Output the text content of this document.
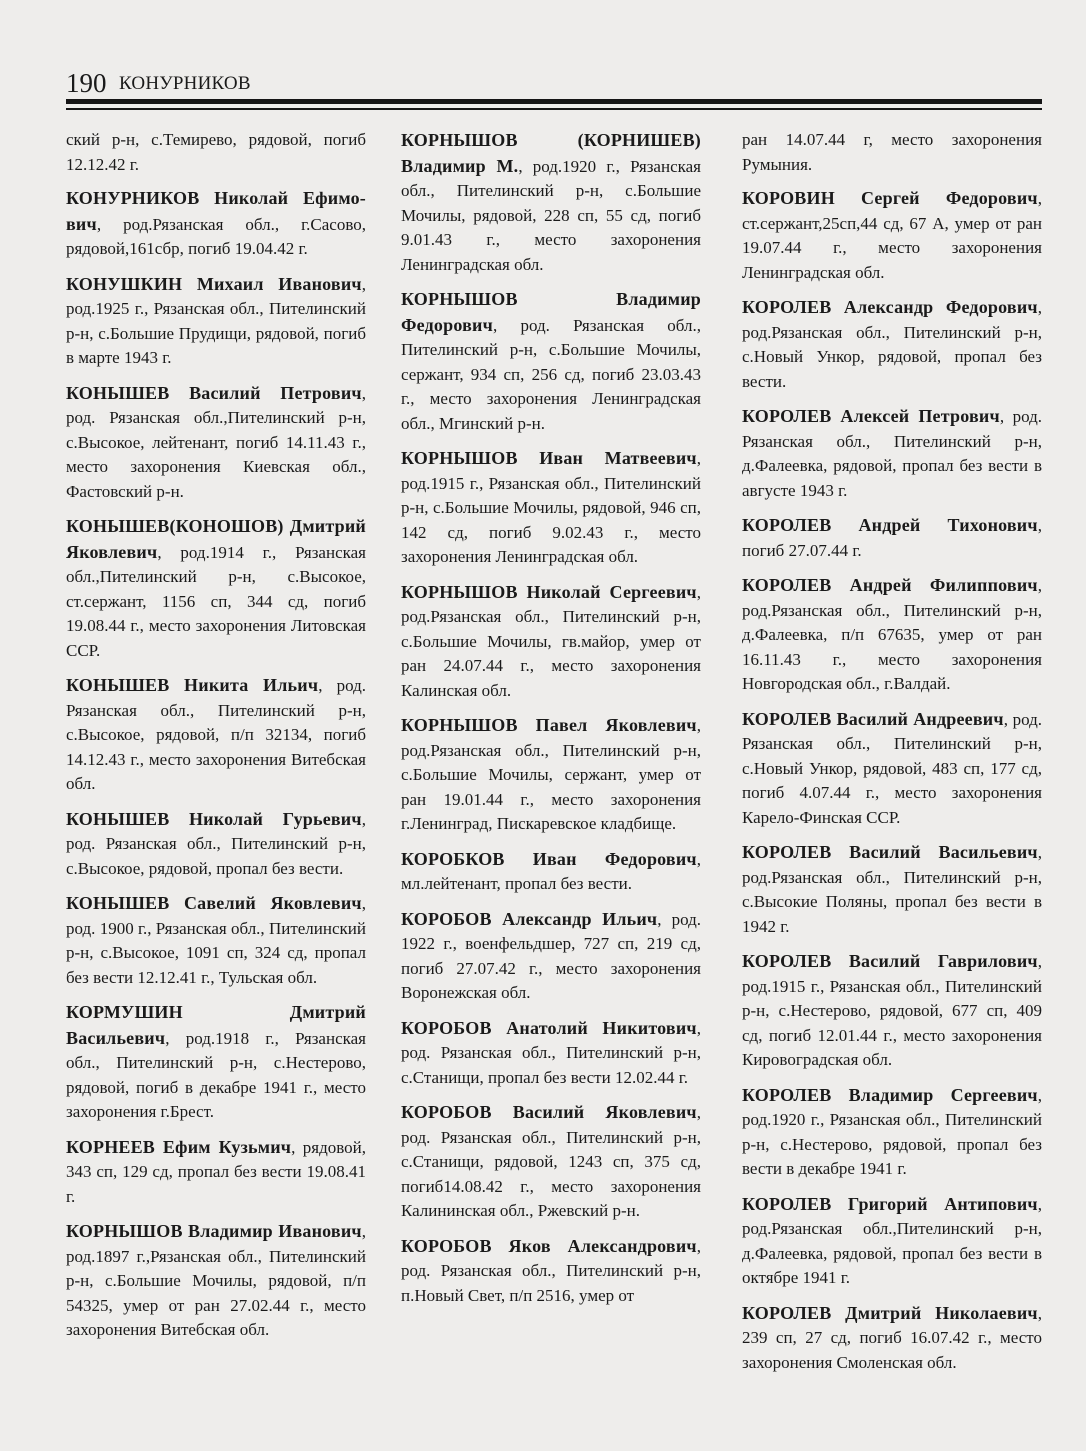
190 КОНУРНИКОВ

ский р-н, с.Темирево, рядовой, погиб 12.12.42 г.

КОНУРНИКОВ Николай Ефимо-вич, род.Рязанская обл., г.Сасово, рядовой,161сбр, погиб 19.04.42 г.

КОНУШКИН Михаил Иванович, род.1925 г., Рязанская обл., Пителинский р-н, с.Большие Прудищи, рядовой, погиб в марте 1943 г.

КОНЫШЕВ Василий Петрович, род. Рязанская обл.,Пителинский р-н, с.Высокое, лейтенант, погиб 14.11.43 г., место захоронения Киевская обл., Фастовский р-н.

КОНЫШЕВ(КОНОШОВ) Дмитрий Яковлевич, род.1914 г., Рязанская обл.,Пителинский р-н, с.Высокое, ст.сержант, 1156 сп, 344 сд, погиб 19.08.44 г., место захоронения Литовская ССР.

КОНЫШЕВ Никита Ильич, род. Рязанская обл., Пителинский р-н, с.Высокое, рядовой, п/п 32134, погиб 14.12.43 г., место захоронения Витебская обл.

КОНЫШЕВ Николай Гурьевич, род. Рязанская обл., Пителинский р-н, с.Высокое, рядовой, пропал без вести.

КОНЫШЕВ Савелий Яковлевич, род. 1900 г., Рязанская обл., Пителинский р-н, с.Высокое, 1091 сп, 324 сд, пропал без вести 12.12.41 г., Тульская обл.

КОРМУШИН Дмитрий Васильевич, род.1918 г., Рязанская обл., Пителинский р-н, с.Нестерово, рядовой, погиб в декабре 1941 г., место захоронения г.Брест.

КОРНЕЕВ Ефим Кузьмич, рядовой, 343 сп, 129 сд, пропал без вести 19.08.41 г.

КОРНЫШОВ Владимир Иванович, род.1897 г.,Рязанская обл., Пителинский р-н, с.Большие Мочилы, рядовой, п/п 54325, умер от ран 27.02.44 г., место захоронения Витебская обл.

КОРНЫШОВ (КОРНИШЕВ) Владимир М., род.1920 г., Рязанская обл., Пителинский р-н, с.Большие Мочилы, рядовой, 228 сп, 55 сд, погиб 9.01.43 г., место захоронения Ленинградская обл.

КОРНЫШОВ Владимир Федорович, род. Рязанская обл., Пителинский р-н, с.Большие Мочилы, сержант, 934 сп, 256 сд, погиб 23.03.43 г., место захоронения Ленинградская обл., Мгинский р-н.

КОРНЫШОВ Иван Матвеевич, род.1915 г., Рязанская обл., Пителинский р-н, с.Большие Мочилы, рядовой, 946 сп, 142 сд, погиб 9.02.43 г., место захоронения Ленинградская обл.

КОРНЫШОВ Николай Сергеевич, род.Рязанская обл., Пителинский р-н, с.Большие Мочилы, гв.майор, умер от ран 24.07.44 г., место захоронения Калинская обл.

КОРНЫШОВ Павел Яковлевич, род.Рязанская обл., Пителинский р-н, с.Большие Мочилы, сержант, умер от ран 19.01.44 г., место захоронения г.Ленинград, Пискаревское кладбище.

КОРОБКОВ Иван Федорович, мл.лейтенант, пропал без вести.

КОРОБОВ Александр Ильич, род. 1922 г., военфельдшер, 727 сп, 219 сд, погиб 27.07.42 г., место захоронения Воронежская обл.

КОРОБОВ Анатолий Никитович, род. Рязанская обл., Пителинский р-н, с.Станищи, пропал без вести 12.02.44 г.

КОРОБОВ Василий Яковлевич, род. Рязанская обл., Пителинский р-н, с.Станищи, рядовой, 1243 сп, 375 сд, погиб14.08.42 г., место захоронения Калининская обл., Ржевский р-н.

КОРОБОВ Яков Александрович, род. Рязанская обл., Пителинский р-н, п.Новый Свет, п/п 2516, умер от

ран 14.07.44 г, место захоронения Румыния.

КОРОВИН Сергей Федорович, ст.сержант,25сп,44 сд, 67 А, умер от ран 19.07.44 г., место захоронения Ленинградская обл.

КОРОЛЕВ Александр Федорович, род.Рязанская обл., Пителинский р-н, с.Новый Ункор, рядовой, пропал без вести.

КОРОЛЕВ Алексей Петрович, род. Рязанская обл., Пителинский р-н, д.Фалеевка, рядовой, пропал без вести в августе 1943 г.

КОРОЛЕВ Андрей Тихонович, погиб 27.07.44 г.

КОРОЛЕВ Андрей Филиппович, род.Рязанская обл., Пителинский р-н, д.Фалеевка, п/п 67635, умер от ран 16.11.43 г., место захоронения Новгородская обл., г.Валдай.

КОРОЛЕВ Василий Андреевич, род. Рязанская обл., Пителинский р-н, с.Новый Ункор, рядовой, 483 сп, 177 сд, погиб 4.07.44 г., место захоронения Карело-Финская ССР.

КОРОЛЕВ Василий Васильевич, род.Рязанская обл., Пителинский р-н, с.Высокие Поляны, пропал без вести в 1942 г.

КОРОЛЕВ Василий Гаврилович, род.1915 г., Рязанская обл., Пителинский р-н, с.Нестерово, рядовой, 677 сп, 409 сд, погиб 12.01.44 г., место захоронения Кировоградская обл.

КОРОЛЕВ Владимир Сергеевич, род.1920 г., Рязанская обл., Пителинский р-н, с.Нестерово, рядовой, пропал без вести в декабре 1941 г.

КОРОЛЕВ Григорий Антипович, род.Рязанская обл.,Пителинский р-н, д.Фалеевка, рядовой, пропал без вести в октябре 1941 г.

КОРОЛЕВ Дмитрий Николаевич, 239 сп, 27 сд, погиб 16.07.42 г., место захоронения Смоленская обл.
